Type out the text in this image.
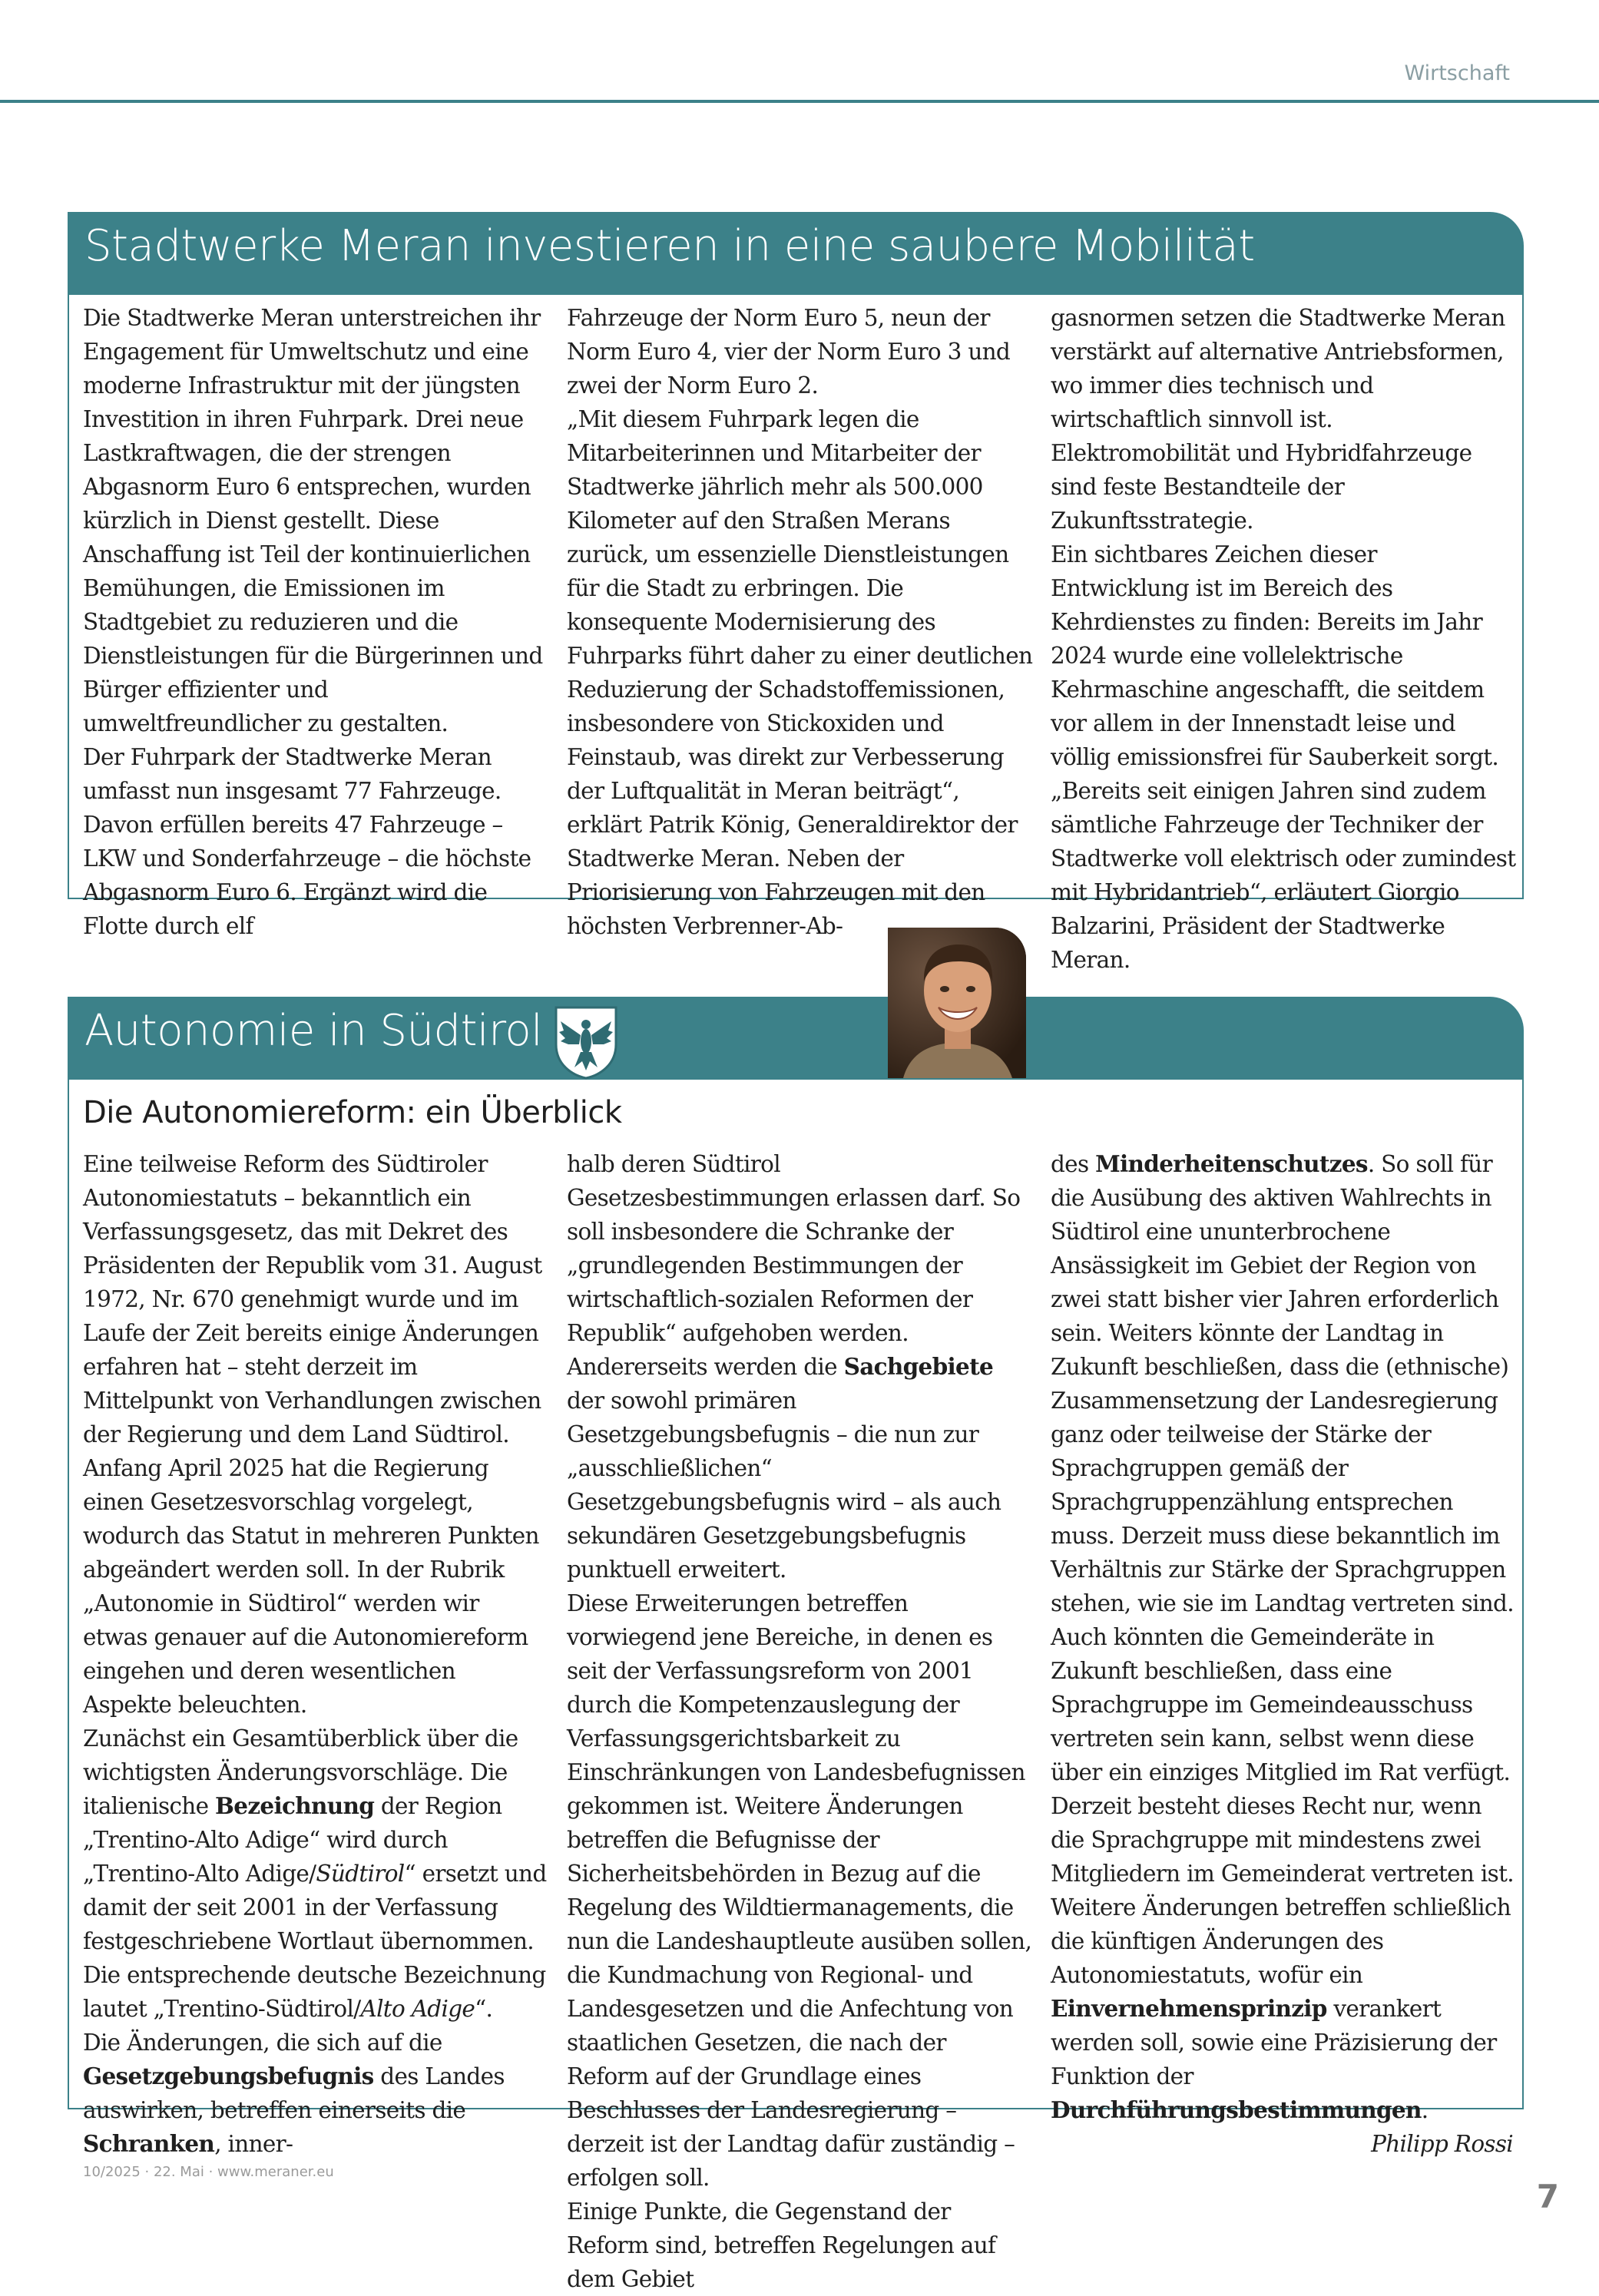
Wirtschaft
Stadtwerke Meran investieren in eine saubere Mobilität

Die Stadtwerke Meran unterstreichen ihr Engagement für Umweltschutz und eine moderne Infrastruktur mit der jüngsten Investition in ihren Fuhrpark. Drei neue Lastkraftwagen, die der strengen Abgasnorm Euro 6 entsprechen, wurden kürzlich in Dienst gestellt. Diese Anschaffung ist Teil der kontinuierlichen Bemühungen, die Emissionen im Stadtgebiet zu reduzieren und die Dienstleistungen für die Bürgerinnen und Bürger effizienter und umweltfreundlicher zu gestalten.

Der Fuhrpark der Stadtwerke Meran umfasst nun insgesamt 77 Fahrzeuge. Davon erfüllen bereits 47 Fahrzeuge – LKW und Sonderfahrzeuge – die höchste Abgasnorm Euro 6. Ergänzt wird die Flotte durch elf

Fahrzeuge der Norm Euro 5, neun der Norm Euro 4, vier der Norm Euro 3 und zwei der Norm Euro 2.

„Mit diesem Fuhrpark legen die Mitarbeiterinnen und Mitarbeiter der Stadtwerke jährlich mehr als 500.000 Kilometer auf den Straßen Merans zurück, um essenzielle Dienstleistungen für die Stadt zu erbringen. Die konsequente Modernisierung des Fuhrparks führt daher zu einer deutlichen Reduzierung der Schadstoffemissionen, insbesondere von Stickoxiden und Feinstaub, was direkt zur Verbesserung der Luftqualität in Meran beiträgt“, erklärt Patrik König, Generaldirektor der Stadtwerke Meran. Neben der Priorisierung von Fahrzeugen mit den höchsten Verbrenner-Ab-

gasnormen setzen die Stadtwerke Meran verstärkt auf alternative Antriebsformen, wo immer dies technisch und wirtschaftlich sinnvoll ist. Elektromobilität und Hybridfahrzeuge sind feste Bestandteile der Zukunftsstrategie.

Ein sichtbares Zeichen dieser Entwicklung ist im Bereich des Kehrdienstes zu finden: Bereits im Jahr 2024 wurde eine vollelektrische Kehrmaschine angeschafft, die seitdem vor allem in der Innenstadt leise und völlig emissionsfrei für Sauberkeit sorgt.

„Bereits seit einigen Jahren sind zudem sämtliche Fahrzeuge der Techniker der Stadtwerke voll elektrisch oder zumindest mit Hybridantrieb“, erläutert Giorgio Balzarini, Präsident der Stadtwerke Meran.

Autonomie in Südtirol
Die Autonomiereform: ein Überblick

Eine teilweise Reform des Südtiroler Autonomiestatuts – bekanntlich ein Verfassungsgesetz, das mit Dekret des Präsidenten der Republik vom 31. August 1972, Nr. 670 genehmigt wurde und im Laufe der Zeit bereits einige Änderungen erfahren hat – steht derzeit im Mittelpunkt von Verhandlungen zwischen der Regierung und dem Land Südtirol. Anfang April 2025 hat die Regierung einen Gesetzesvorschlag vorgelegt, wodurch das Statut in mehreren Punkten abgeändert werden soll. In der Rubrik „Autonomie in Südtirol“ werden wir etwas genauer auf die Autonomiereform eingehen und deren wesentlichen Aspekte beleuchten.

Zunächst ein Gesamtüberblick über die wichtigsten Änderungsvorschläge. Die italienische Bezeichnung der Region „Trentino-Alto Adige“ wird durch „Trentino-Alto Adige/Südtirol“ ersetzt und damit der seit 2001 in der Verfassung festgeschriebene Wortlaut übernommen. Die entsprechende deutsche Bezeichnung lautet „Trentino-Südtirol/Alto Adige“.

Die Änderungen, die sich auf die Gesetzgebungsbefugnis des Landes auswirken, betreffen einerseits die Schranken, inner-

halb deren Südtirol Gesetzesbestimmungen erlassen darf. So soll insbesondere die Schranke der „grundlegenden Bestimmungen der wirtschaftlich-sozialen Reformen der Republik“ aufgehoben werden. Andererseits werden die Sachgebiete der sowohl primären Gesetzgebungsbefugnis – die nun zur „ausschließlichen“ Gesetzgebungsbefugnis wird – als auch sekundären Gesetzgebungsbefugnis punktuell erweitert.

Diese Erweiterungen betreffen vorwiegend jene Bereiche, in denen es seit der Verfassungsreform von 2001 durch die Kompetenzauslegung der Verfassungsgerichtsbarkeit zu Einschränkungen von Landesbefugnissen gekommen ist. Weitere Änderungen betreffen die Befugnisse der Sicherheitsbehörden in Bezug auf die Regelung des Wildtiermanagements, die nun die Landeshauptleute ausüben sollen, die Kundmachung von Regional- und Landesgesetzen und die Anfechtung von staatlichen Gesetzen, die nach der Reform auf der Grundlage eines Beschlusses der Landesregierung – derzeit ist der Landtag dafür zuständig – erfolgen soll.

Einige Punkte, die Gegenstand der Reform sind, betreffen Regelungen auf dem Gebiet

des Minderheitenschutzes. So soll für die Ausübung des aktiven Wahlrechts in Südtirol eine ununterbrochene Ansässigkeit im Gebiet der Region von zwei statt bisher vier Jahren erforderlich sein. Weiters könnte der Landtag in Zukunft beschließen, dass die (ethnische) Zusammensetzung der Landesregierung ganz oder teilweise der Stärke der Sprachgruppen gemäß der Sprachgruppenzählung entsprechen muss. Derzeit muss diese bekanntlich im Verhältnis zur Stärke der Sprachgruppen stehen, wie sie im Landtag vertreten sind. Auch könnten die Gemeinderäte in Zukunft beschließen, dass eine Sprachgruppe im Gemeindeausschuss vertreten sein kann, selbst wenn diese über ein einziges Mitglied im Rat verfügt. Derzeit besteht dieses Recht nur, wenn die Sprachgruppe mit mindestens zwei Mitgliedern im Gemeinderat vertreten ist.

Weitere Änderungen betreffen schließlich die künftigen Änderungen des Autonomiestatuts, wofür ein Einvernehmensprinzip verankert werden soll, sowie eine Präzisierung der Funktion der Durchführungsbestimmungen.

Philipp Rossi

10/2025 · 22. Mai · www.meraner.eu
7
